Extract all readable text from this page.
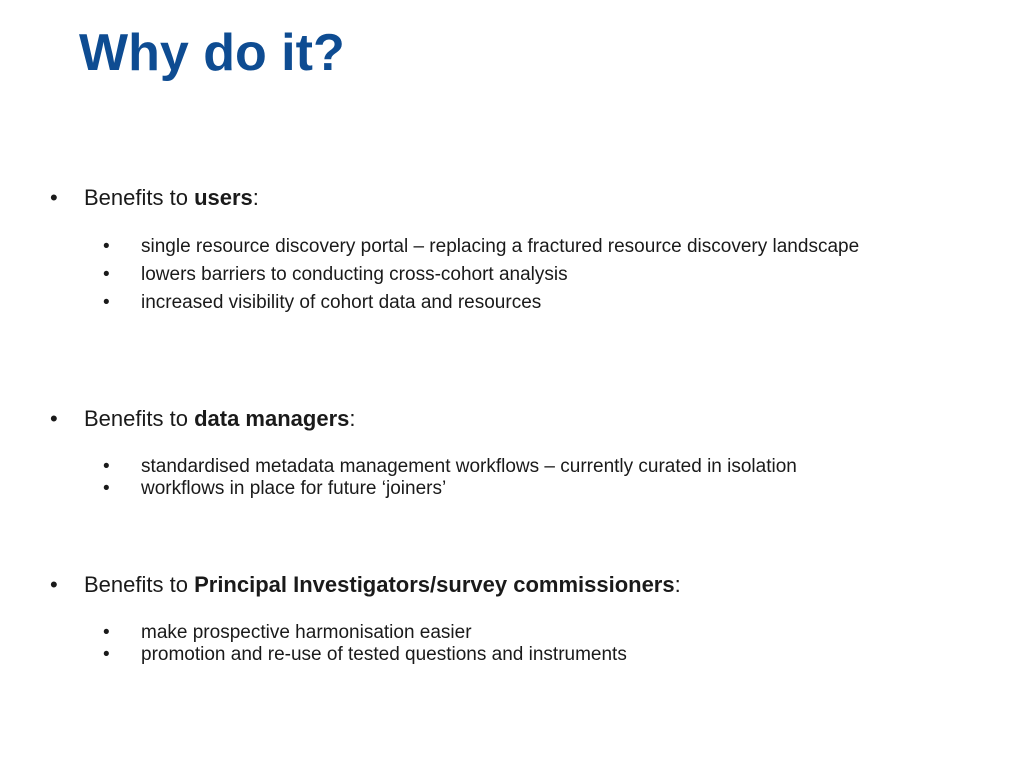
Why do it?

• Benefits to users:

• single resource discovery portal – replacing a fractured resource discovery landscape
• lowers barriers to conducting cross-cohort analysis
• increased visibility of cohort data and resources

• Benefits to data managers:

• standardised metadata management workflows – currently curated in isolation
• workflows in place for future ‘joiners’

• Benefits to Principal Investigators/survey commissioners:

• make prospective harmonisation easier
• promotion and re-use of tested questions and instruments
